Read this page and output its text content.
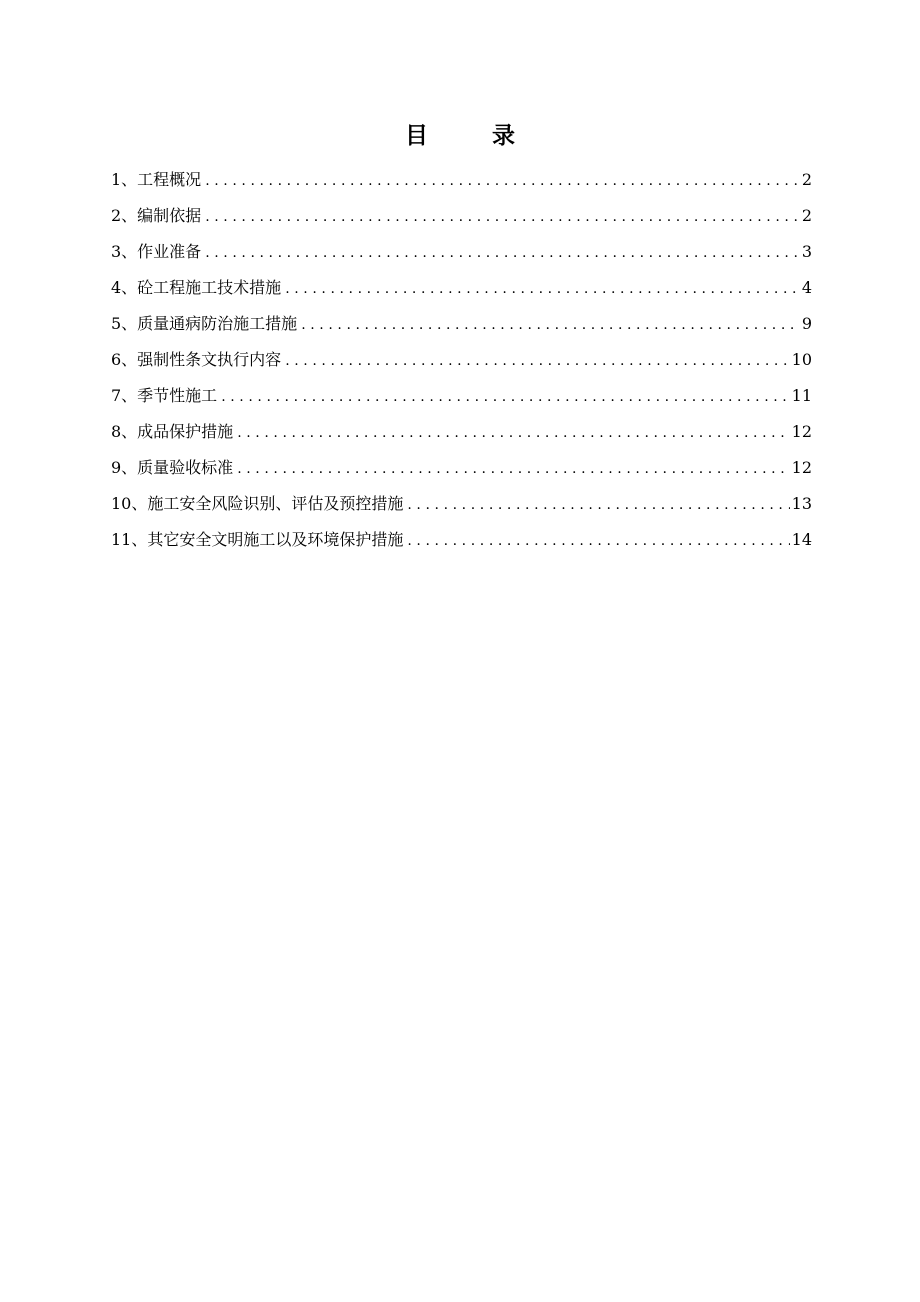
目	录
1、工程概况 .....	2
2、编制依据 .....	2
3、作业准备 .....	3
4、砼工程施工技术措施 .....	4
5、质量通病防治施工措施 .....	9
6、强制性条文执行内容 .....	10
7、季节性施工 .....	11
8、成品保护措施 .....	12
9、质量验收标准 .....	12
10、施工安全风险识别、评估及预控措施 .....	13
11、其它安全文明施工以及环境保护措施 .....	14
